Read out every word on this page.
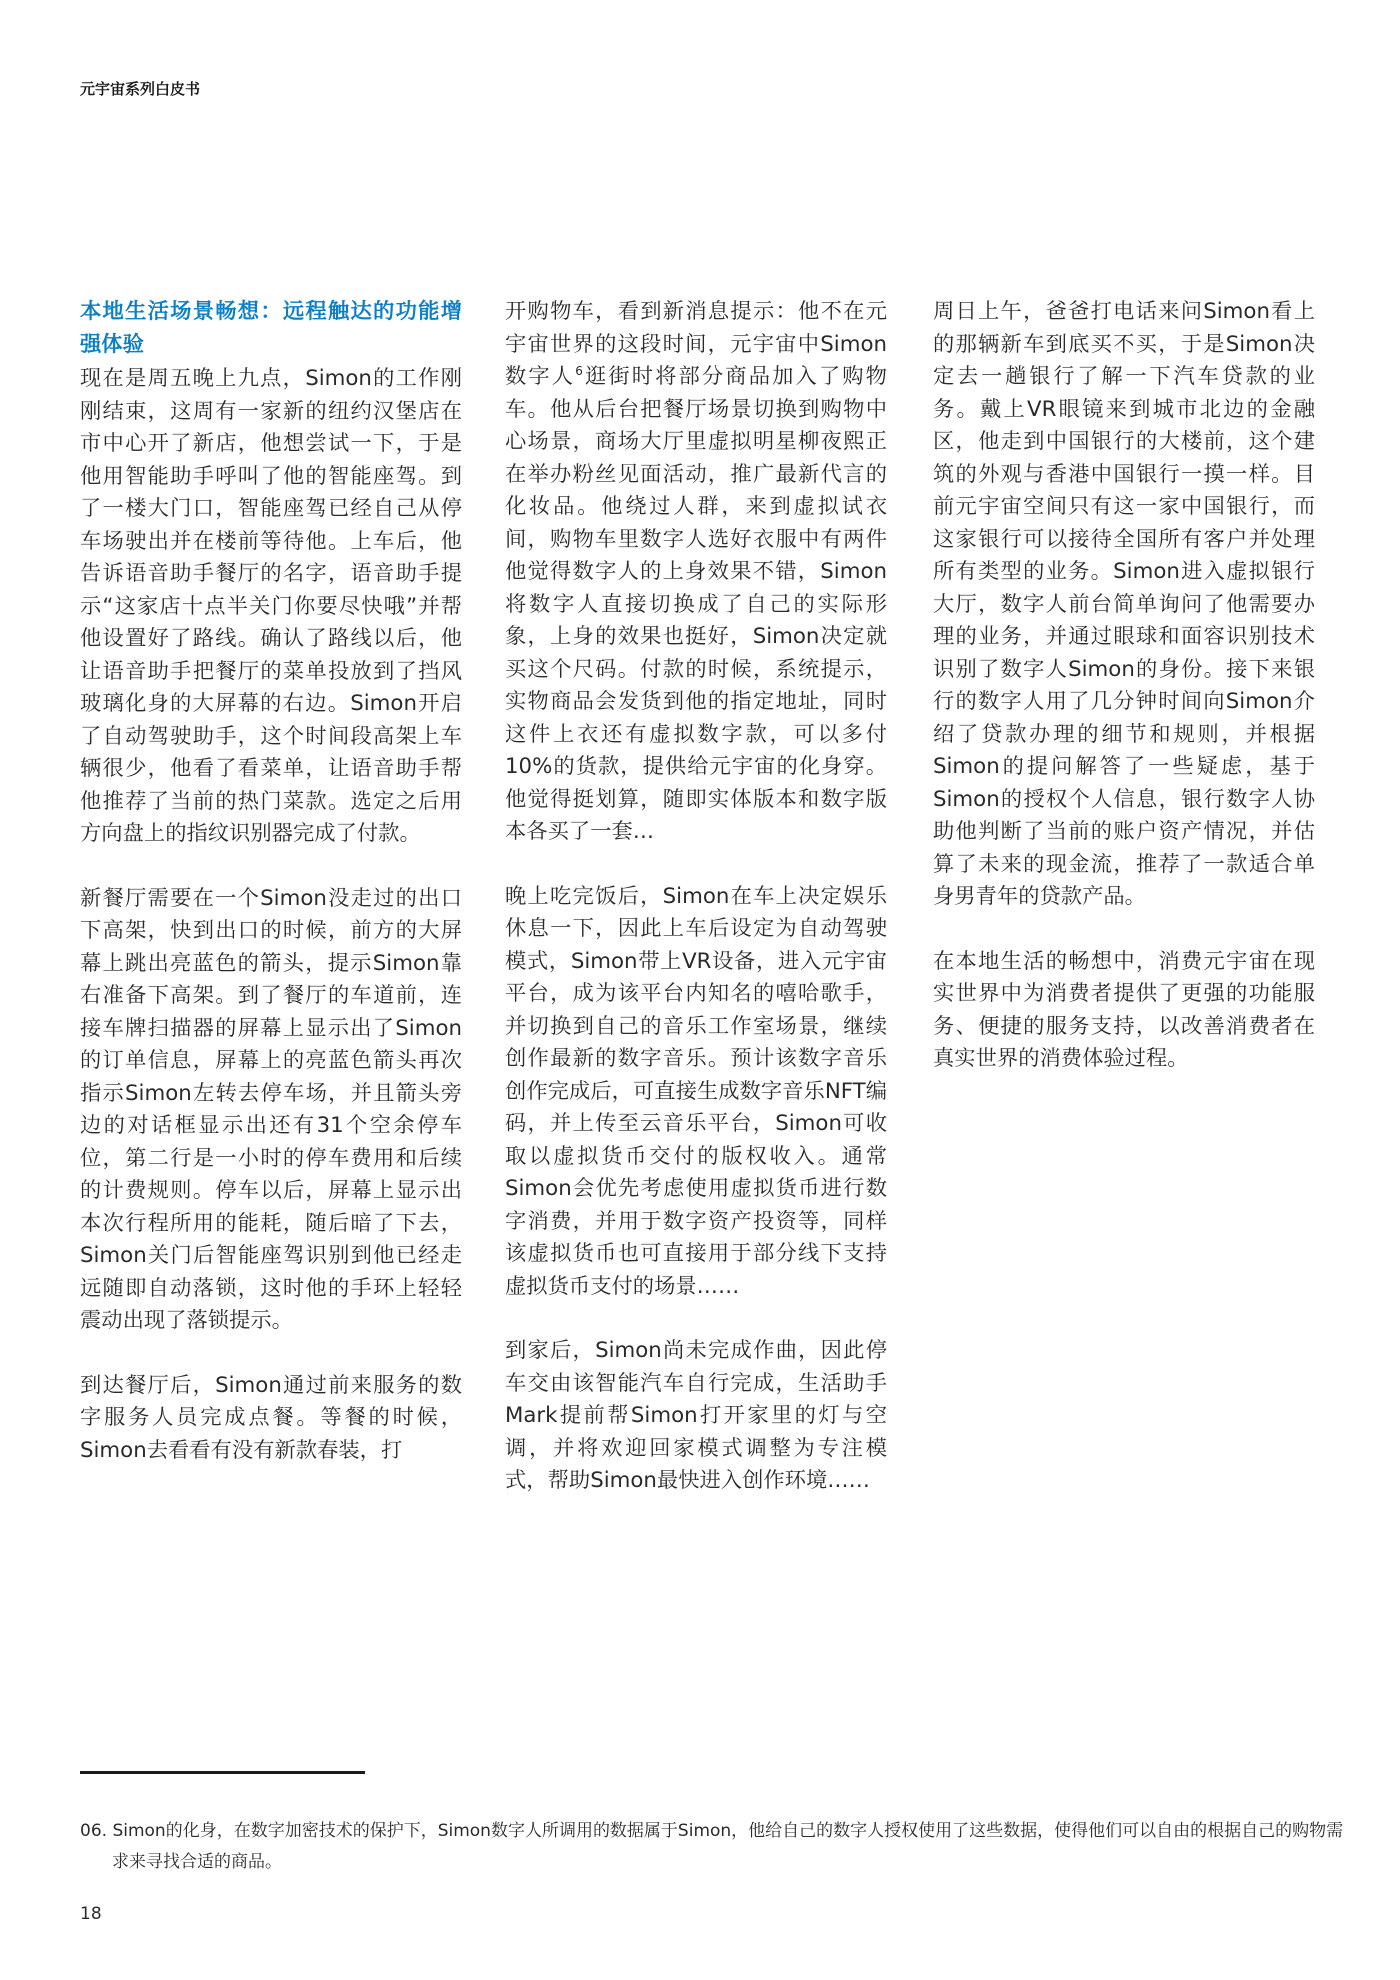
元宇宙系列白皮书
本地生活场景畅想：远程触达的功能增强体验

现在是周五晚上九点，Simon的工作刚刚结束，这周有一家新的纽约汉堡店在市中心开了新店，他想尝试一下，于是他用智能助手呼叫了他的智能座驾。到了一楼大门口，智能座驾已经自己从停车场驶出并在楼前等待他。上车后，他告诉语音助手餐厅的名字，语音助手提示“这家店十点半关门你要尽快哦”并帮他设置好了路线。确认了路线以后，他让语音助手把餐厅的菜单投放到了挡风玻璃化身的大屏幕的右边。Simon开启了自动驾驶助手，这个时间段高架上车辆很少，他看了看菜单，让语音助手帮他推荐了当前的热门菜款。选定之后用方向盘上的指纹识别器完成了付款。

新餐厅需要在一个Simon没走过的出口下高架，快到出口的时候，前方的大屏幕上跳出亮蓝色的箭头，提示Simon靠右准备下高架。到了餐厅的车道前，连接车牌扫描器的屏幕上显示出了Simon的订单信息，屏幕上的亮蓝色箭头再次指示Simon左转去停车场，并且箭头旁边的对话框显示出还有31个空余停车位，第二行是一小时的停车费用和后续的计费规则。停车以后，屏幕上显示出本次行程所用的能耗，随后暗了下去，Simon关门后智能座驾识别到他已经走远随即自动落锁，这时他的手环上轻轻震动出现了落锁提示。

到达餐厅后，Simon通过前来服务的数字服务人员完成点餐。等餐的时候，Simon去看看有没有新款春装，打

开购物车，看到新消息提示：他不在元宇宙世界的这段时间，元宇宙中Simon数字人$^6$逛街时将部分商品加入了购物车。他从后台把餐厅场景切换到购物中心场景，商场大厅里虚拟明星柳夜熙正在举办粉丝见面活动，推广最新代言的化妆品。他绕过人群，来到虚拟试衣间，购物车里数字人选好衣服中有两件他觉得数字人的上身效果不错，Simon将数字人直接切换成了自己的实际形象，上身的效果也挺好，Simon决定就买这个尺码。付款的时候，系统提示，实物商品会发货到他的指定地址，同时这件上衣还有虚拟数字款，可以多付10%的货款，提供给元宇宙的化身穿。他觉得挺划算，随即实体版本和数字版本各买了一套…

晚上吃完饭后，Simon在车上决定娱乐休息一下，因此上车后设定为自动驾驶模式，Simon带上VR设备，进入元宇宙平台，成为该平台内知名的嘻哈歌手，并切换到自己的音乐工作室场景，继续创作最新的数字音乐。预计该数字音乐创作完成后，可直接生成数字音乐NFT编码，并上传至云音乐平台，Simon可收取以虚拟货币交付的版权收入。通常Simon会优先考虑使用虚拟货币进行数字消费，并用于数字资产投资等，同样该虚拟货币也可直接用于部分线下支持虚拟货币支付的场景……

到家后，Simon尚未完成作曲，因此停车交由该智能汽车自行完成，生活助手Mark提前帮Simon打开家里的灯与空调，并将欢迎回家模式调整为专注模式，帮助Simon最快进入创作环境……

周日上午，爸爸打电话来问Simon看上的那辆新车到底买不买，于是Simon决定去一趟银行了解一下汽车贷款的业务。戴上VR眼镜来到城市北边的金融区，他走到中国银行的大楼前，这个建筑的外观与香港中国银行一摸一样。目前元宇宙空间只有这一家中国银行，而这家银行可以接待全国所有客户并处理所有类型的业务。Simon进入虚拟银行大厅，数字人前台简单询问了他需要办理的业务，并通过眼球和面容识别技术识别了数字人Simon的身份。接下来银行的数字人用了几分钟时间向Simon介绍了贷款办理的细节和规则，并根据Simon的提问解答了一些疑虑，基于Simon的授权个人信息，银行数字人协助他判断了当前的账户资产情况，并估算了未来的现金流，推荐了一款适合单身男青年的贷款产品。

在本地生活的畅想中，消费元宇宙在现实世界中为消费者提供了更强的功能服务、便捷的服务支持，以改善消费者在真实世界的消费体验过程。

06. Simon的化身，在数字加密技术的保护下，Simon数字人所调用的数据属于Simon，他给自己的数字人授权使用了这些数据，使得他们可以自由的根据自己的购物需求来寻找合适的商品。
18
